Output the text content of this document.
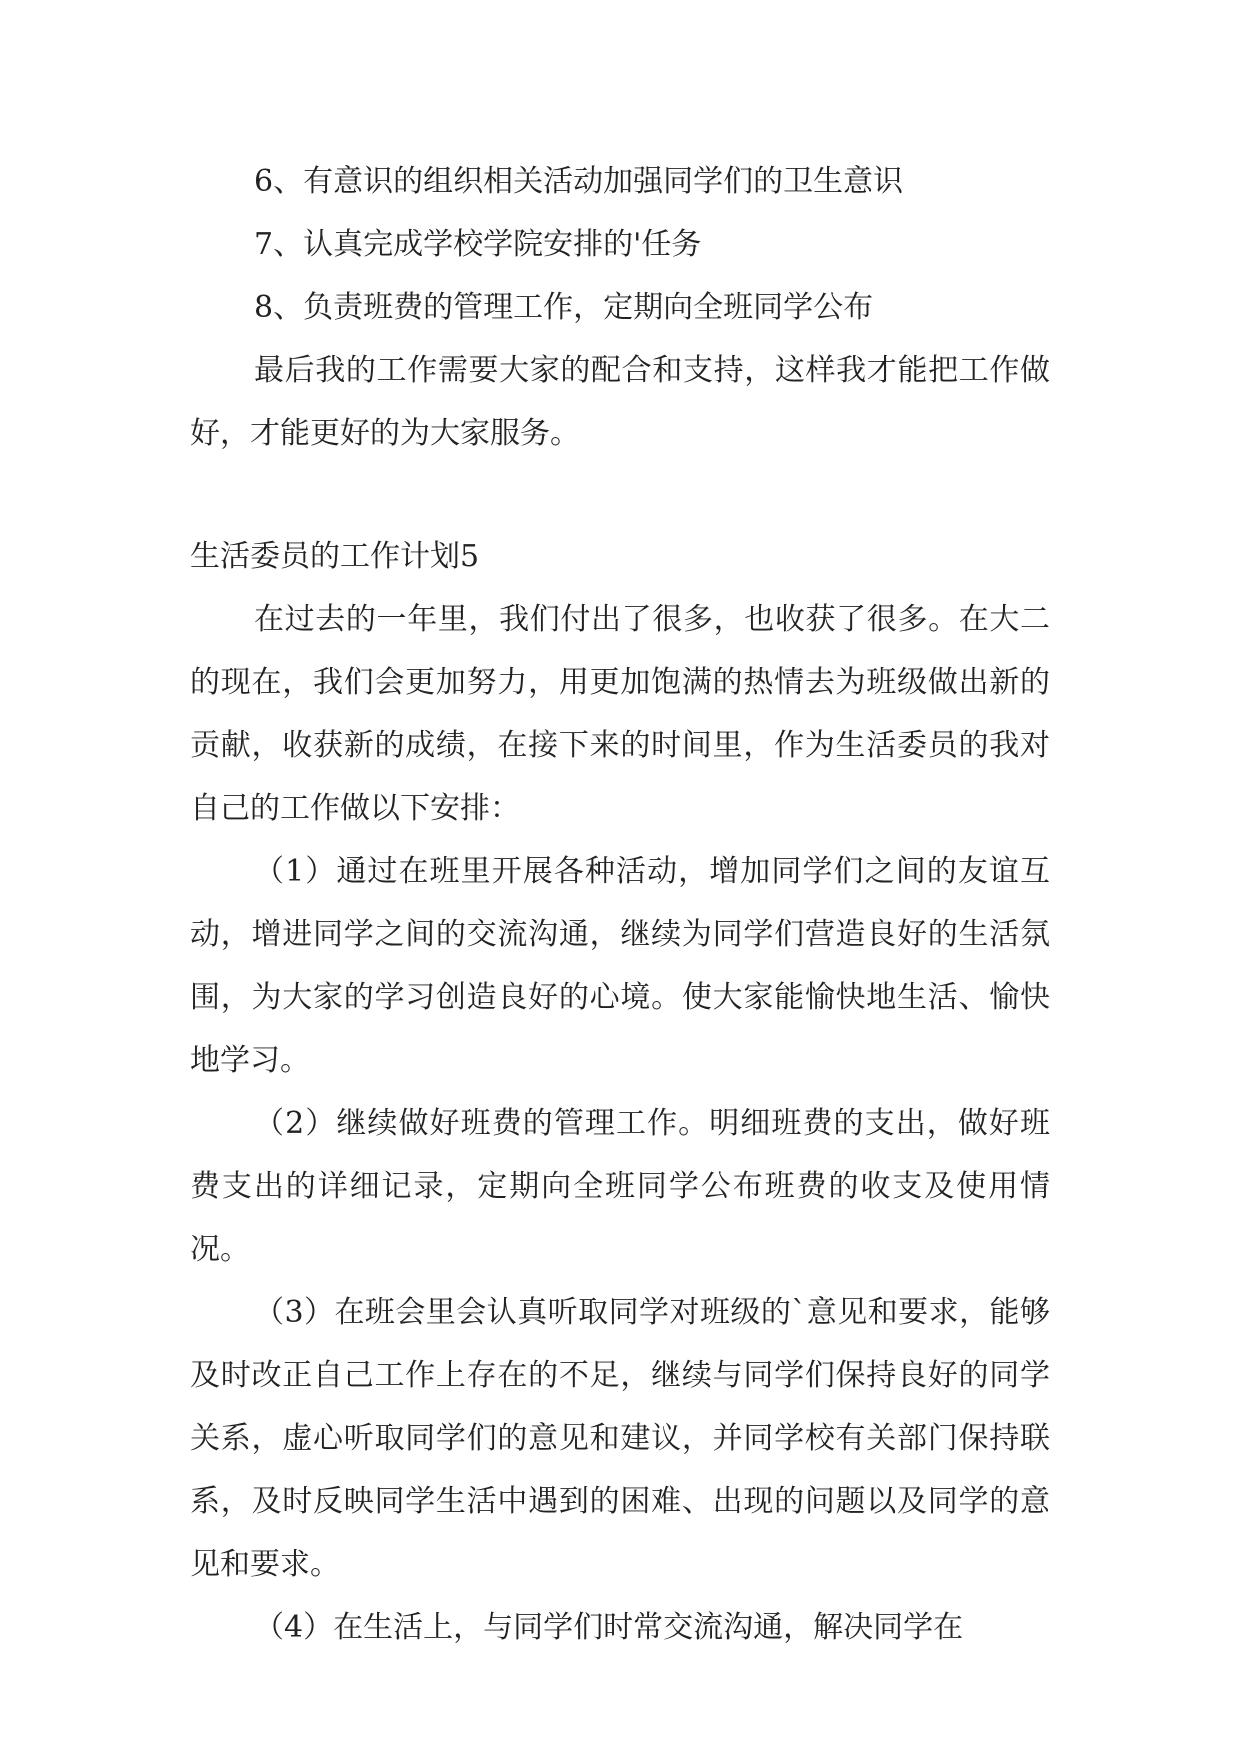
6、有意识的组织相关活动加强同学们的卫生意识

7、认真完成学校学院安排的'任务

8、负责班费的管理工作，定期向全班同学公布

最后我的工作需要大家的配合和支持，这样我才能把工作做好，才能更好的为大家服务。

生活委员的工作计划5

在过去的一年里，我们付出了很多，也收获了很多。在大二的现在，我们会更加努力，用更加饱满的热情去为班级做出新的贡献，收获新的成绩，在接下来的时间里，作为生活委员的我对自己的工作做以下安排：

（1）通过在班里开展各种活动，增加同学们之间的友谊互动，增进同学之间的交流沟通，继续为同学们营造良好的生活氛围，为大家的学习创造良好的心境。使大家能愉快地生活、愉快地学习。

（2）继续做好班费的管理工作。明细班费的支出，做好班费支出的详细记录，定期向全班同学公布班费的收支及使用情况。

（3）在班会里会认真听取同学对班级的`意见和要求，能够及时改正自己工作上存在的不足，继续与同学们保持良好的同学关系，虚心听取同学们的意见和建议，并同学校有关部门保持联系，及时反映同学生活中遇到的困难、出现的问题以及同学的意见和要求。

（4）在生活上，与同学们时常交流沟通，解决同学在
